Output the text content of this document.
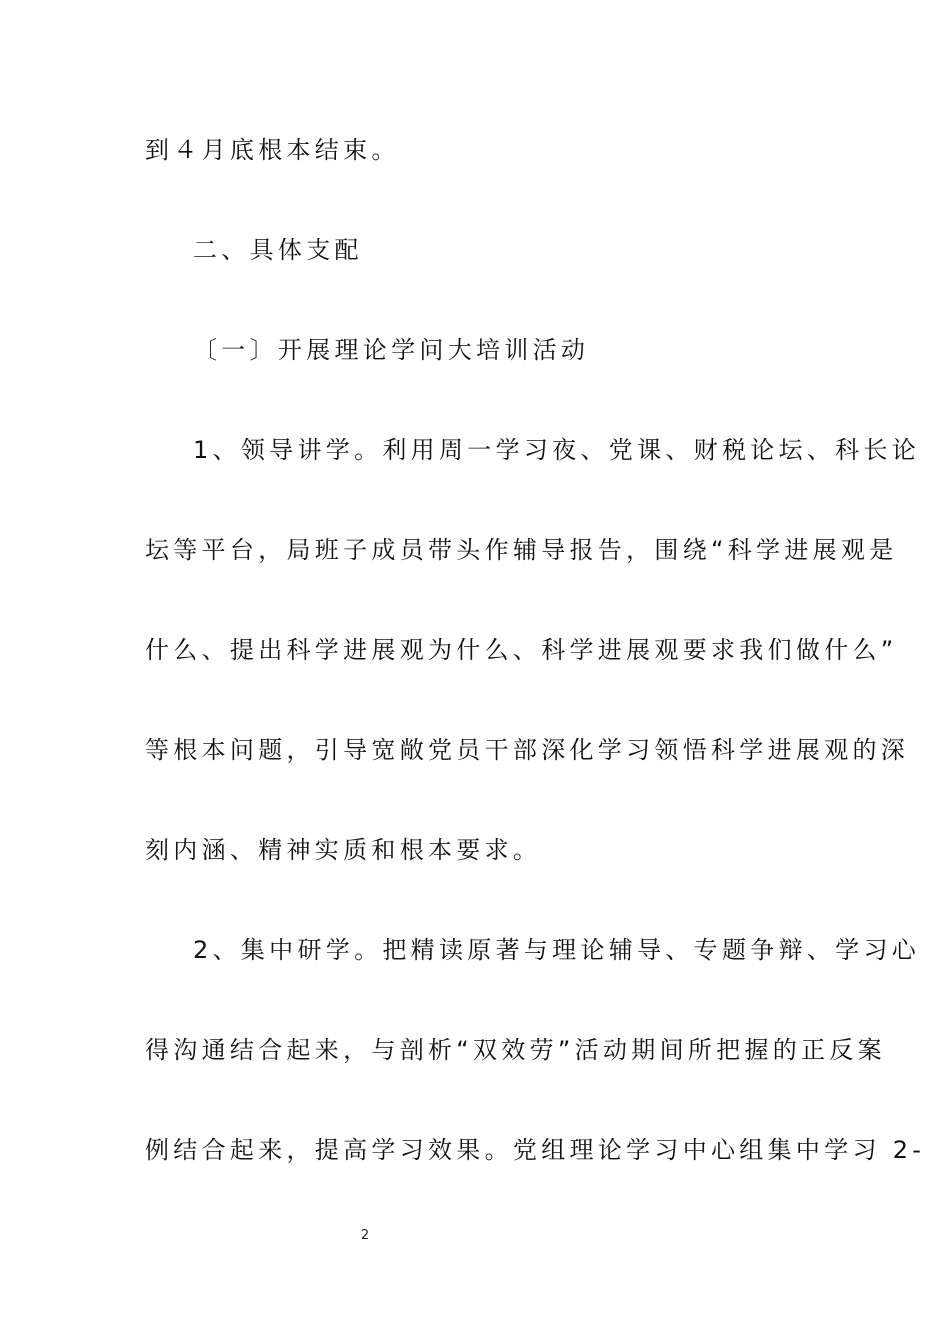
到４月底根本结束。
二、具体支配
〔一〕开展理论学问大培训活动
1、领导讲学。利用周一学习夜、党课、财税论坛、科长论
坛等平台，局班子成员带头作辅导报告，围绕“科学进展观是
什么、提出科学进展观为什么、科学进展观要求我们做什么”
等根本问题，引导宽敞党员干部深化学习领悟科学进展观的深
刻内涵、精神实质和根本要求。
2、集中研学。把精读原著与理论辅导、专题争辩、学习心
得沟通结合起来，与剖析“双效劳”活动期间所把握的正反案
例结合起来，提高学习效果。党组理论学习中心组集中学习 2-
2
